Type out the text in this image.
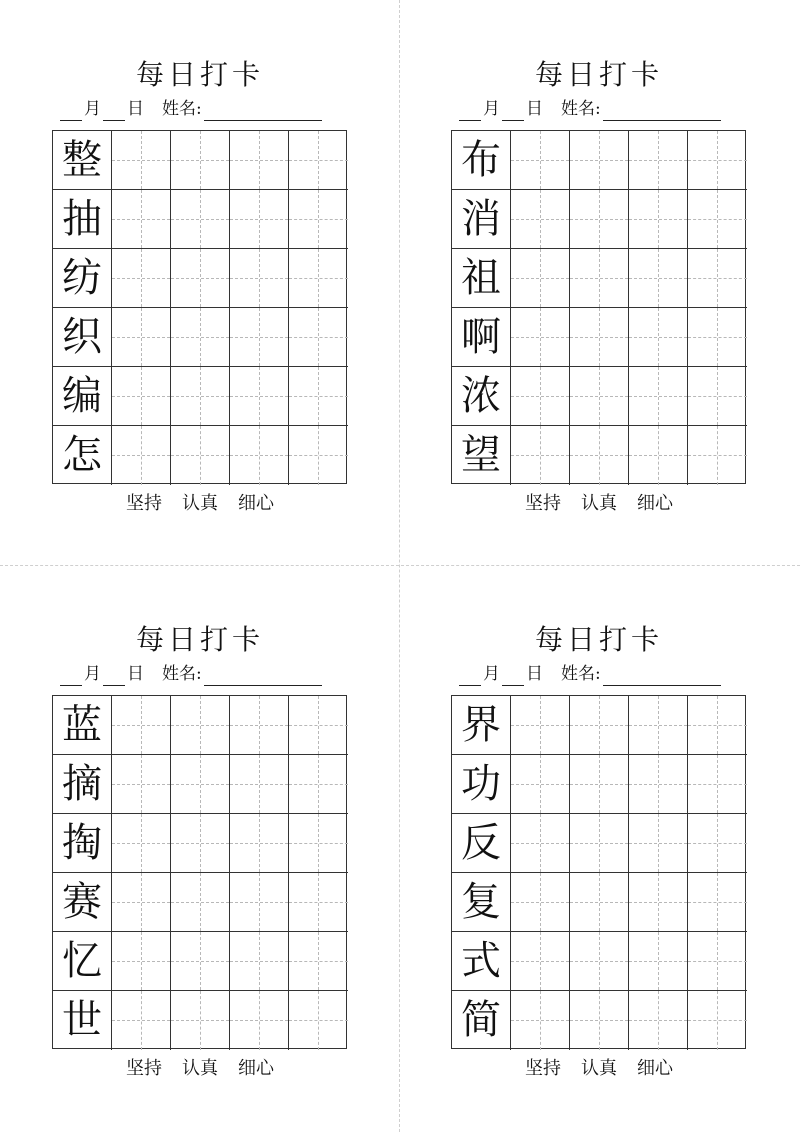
每日打卡
月 日 姓名:
整
抽
纺
织
编
怎
坚持 认真 细心
每日打卡
月 日 姓名:
布
消
祖
啊
浓
望
坚持 认真 细心
每日打卡
月 日 姓名:
蓝
摘
掏
赛
忆
世
坚持 认真 细心
每日打卡
月 日 姓名:
界
功
反
复
式
简
坚持 认真 细心
